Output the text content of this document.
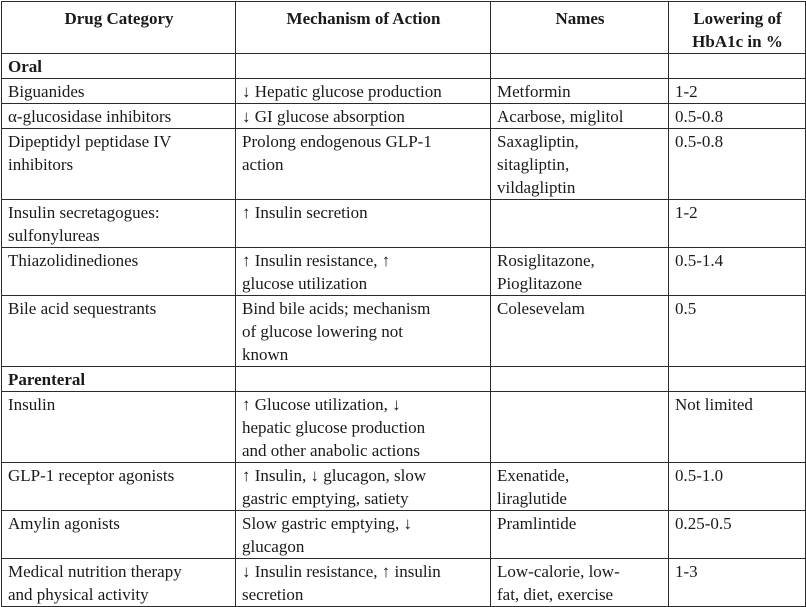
Drug Category	Mechanism of Action	Names	Lowering of
HbA1c in %

Oral			

Biguanides	↓ Hepatic glucose production	Metformin	1-2

α-glucosidase inhibitors	↓ GI glucose absorption	Acarbose, miglitol	0.5-0.8

Dipeptidyl peptidase IV
inhibitors	Prolong endogenous GLP-1
action	Saxagliptin,
sitagliptin,
vildagliptin	0.5-0.8

Insulin secretagogues:
sulfonylureas	↑ Insulin secretion		1-2

Thiazolidinediones	↑ Insulin resistance, ↑
glucose utilization	Rosiglitazone,
Pioglitazone	0.5-1.4

Bile acid sequestrants	Bind bile acids; mechanism
of glucose lowering not
known	Colesevelam	0.5

Parenteral			

Insulin	↑ Glucose utilization, ↓
hepatic glucose production
and other anabolic actions		Not limited

GLP-1 receptor agonists	↑ Insulin, ↓ glucagon, slow
gastric emptying, satiety	Exenatide,
liraglutide	0.5-1.0

Amylin agonists	Slow gastric emptying, ↓
glucagon	Pramlintide	0.25-0.5

Medical nutrition therapy
and physical activity	↓ Insulin resistance, ↑ insulin
secretion	Low-calorie, low-
fat, diet, exercise	1-3
